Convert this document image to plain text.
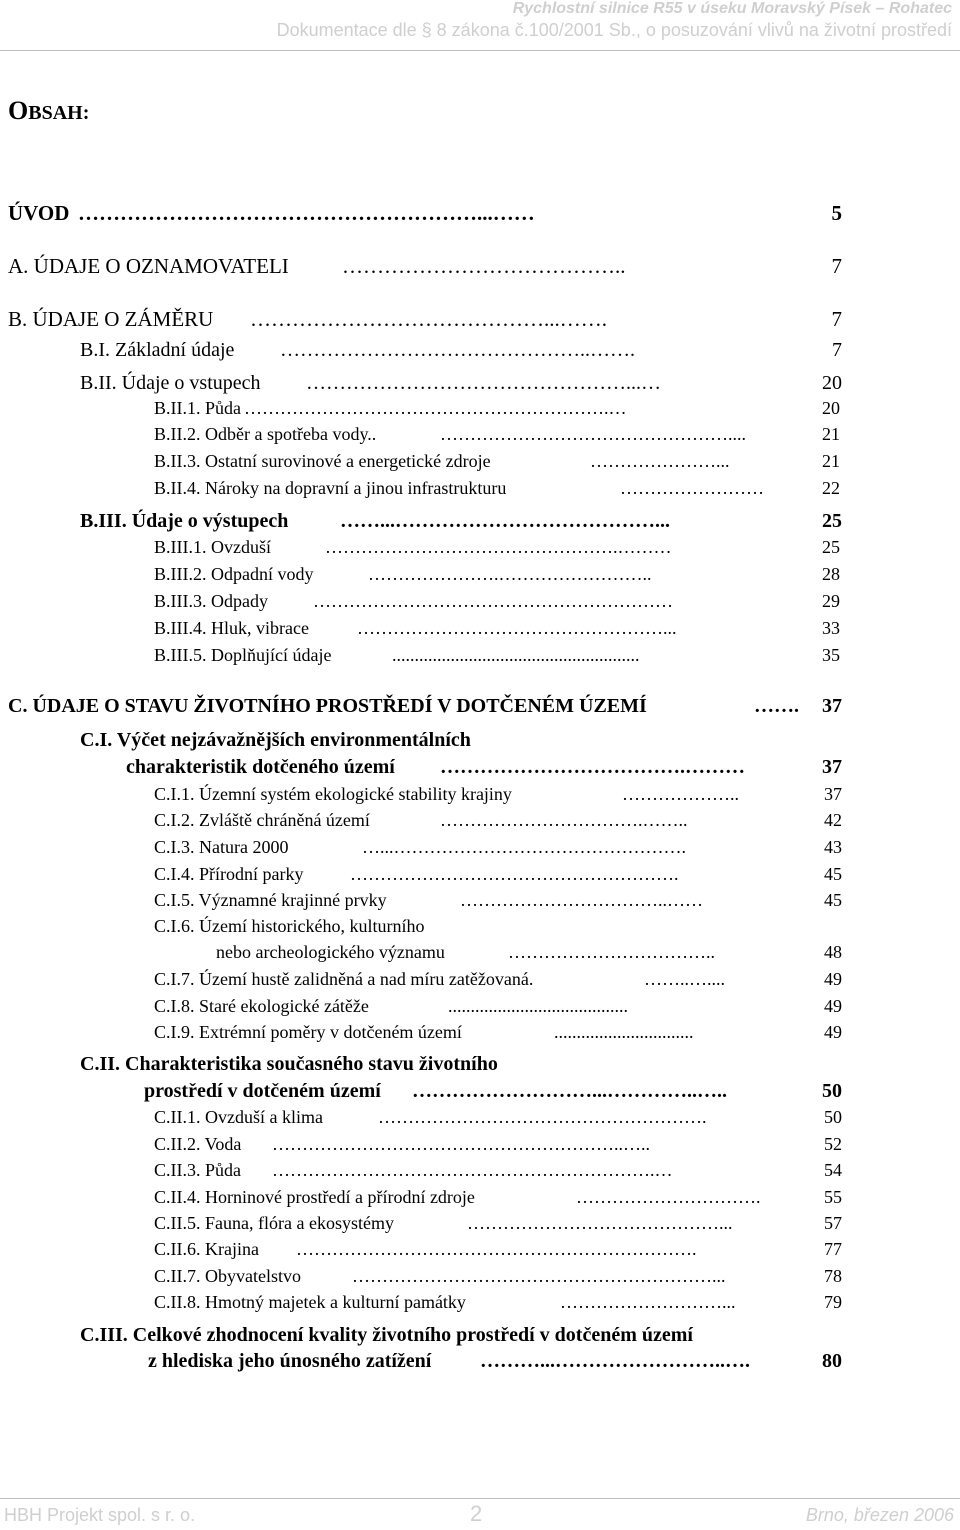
Rychlostní silnice R55 v úseku Moravský Písek – Rohatec
Dokumentace dle § 8 zákona č.100/2001 Sb., o posuzování vlivů na životní prostředí
OBSAH:
ÚVOD …………………………………………………...……	5
A. ÚDAJE O OZNAMOVATELI	…………………………………..	7
B. ÚDAJE O ZÁMĚRU ……………………………………...…….	7
B.I. Základní údaje ………………………………………..…….	7
B.II. Údaje o vstupech …………………………………………...…	20
B.II.1. Půda …………………………………………………….…	20
B.II.2. Odběr a spotřeba vody..	…………………………………………....	21
B.II.3. Ostatní surovinové a energetické zdroje	…………………...	21
B.II.4. Nároky na dopravní a jinou infrastrukturu	……………………	22
B.III. Údaje o výstupech	……...…………………………………...	25
B.III.1. Ovzduší	………………………………………….………	25
B.III.2. Odpadní vody	………………….……………………..	28
B.III.3. Odpady	……………………………………………………	29
B.III.4. Hluk, vibrace	……………………………………………...	33
B.III.5. Doplňující údaje	.......................................................	35
C. ÚDAJE O STAVU ŽIVOTNÍHO PROSTŘEDÍ V DOTČENÉM ÚZEMÍ	……. 37
C.I. Výčet nejzávažnějších environmentálních
charakteristik dotčeného území ……………………………….………	37
C.I.1. Územní systém ekologické stability krajiny	………………..	37
C.I.2. Zvláště chráněná území	…………………………….……..	42
C.I.3. Natura 2000	…...………………………………………….	43
C.I.4. Přírodní parky	……………………………………………….	45
C.I.5. Významné krajinné prvky	……………………………..……	45
C.I.6. Území historického, kulturního
nebo archeologického významu	……………………………..	48
C.I.7. Území hustě zalidněná a nad míru zatěžovaná.	……..…....	49
C.I.8. Staré ekologické zátěže	........................................	49
C.I.9. Extrémní poměry v dotčeném území	...............................	49
C.II. Charakteristika současného stavu životního
prostředí v dotčeném území ………………………...…………..…..	50
C.II.1. Ovzduší a klima	……………………………………………….	50
C.II.2. Voda …………………………………………………..…..	52
C.II.3. Půda ……………………………………………………….…	54
C.II.4. Horninové prostředí a přírodní zdroje	………………………….	55
C.II.5. Fauna, flóra a ekosystémy	……………………………………...	57
C.II.6. Krajina ………………………………………………………….	77
C.II.7. Obyvatelstvo	……………………………………………………...	78
C.II.8. Hmotný majetek a kulturní památky	………………………...	79
C.III. Celkové zhodnocení kvality životního prostředí v dotčeném území
z hlediska jeho únosného zatížení ………...……………………..….	80
HBH Projekt spol. s r. o.	2	Brno, březen 2006
